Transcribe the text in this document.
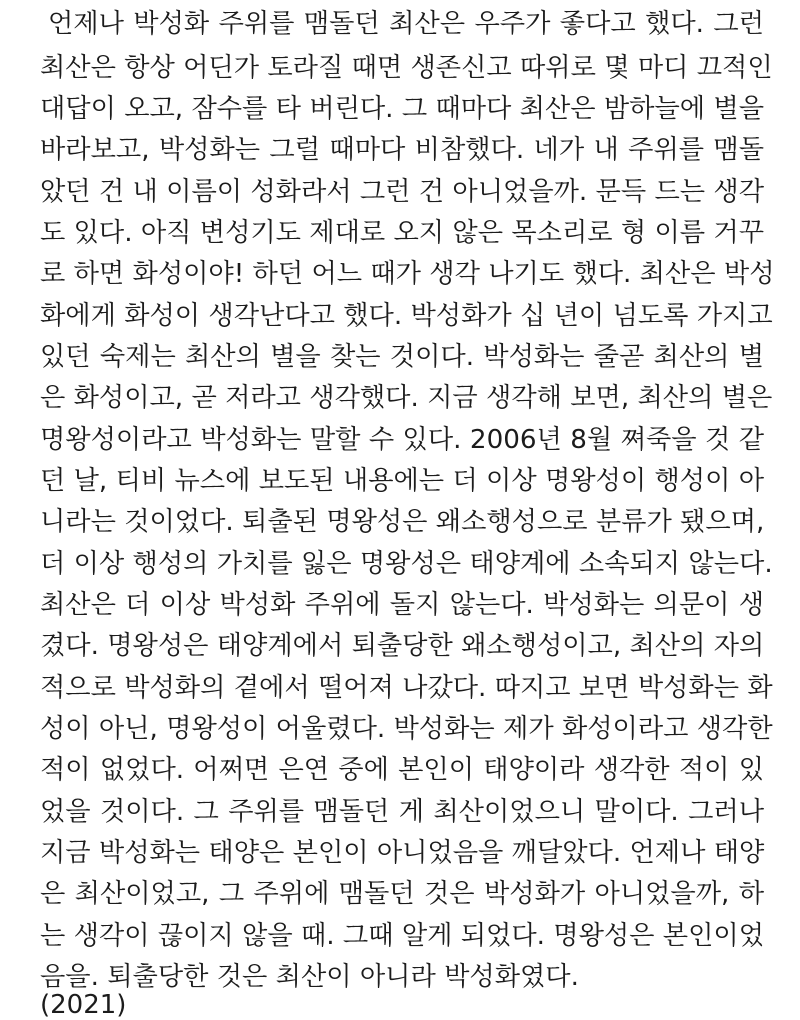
언제나 박성화 주위를 맴돌던 최산은 우주가 좋다고 했다. 그런
최산은 항상 어딘가 토라질 때면 생존신고 따위로 몇 마디 끄적인
대답이 오고, 잠수를 타 버린다. 그 때마다 최산은 밤하늘에 별을
바라보고, 박성화는 그럴 때마다 비참했다. 네가 내 주위를 맴돌
았던 건 내 이름이 성화라서 그런 건 아니었을까. 문득 드는 생각
도 있다. 아직 변성기도 제대로 오지 않은 목소리로 형 이름 거꾸
로 하면 화성이야! 하던 어느 때가 생각 나기도 했다. 최산은 박성
화에게 화성이 생각난다고 했다. 박성화가 십 년이 넘도록 가지고
있던 숙제는 최산의 별을 찾는 것이다. 박성화는 줄곧 최산의 별
은 화성이고, 곧 저라고 생각했다. 지금 생각해 보면, 최산의 별은
명왕성이라고 박성화는 말할 수 있다. 2006년 8월 쪄죽을 것 같
던 날, 티비 뉴스에 보도된 내용에는 더 이상 명왕성이 행성이 아
니라는 것이었다. 퇴출된 명왕성은 왜소행성으로 분류가 됐으며,
더 이상 행성의 가치를 잃은 명왕성은 태양계에 소속되지 않는다.
최산은 더 이상 박성화 주위에 돌지 않는다. 박성화는 의문이 생
겼다. 명왕성은 태양계에서 퇴출당한 왜소행성이고, 최산의 자의
적으로 박성화의 곁에서 떨어져 나갔다. 따지고 보면 박성화는 화
성이 아닌, 명왕성이 어울렸다. 박성화는 제가 화성이라고 생각한
적이 없었다. 어쩌면 은연 중에 본인이 태양이라 생각한 적이 있
었을 것이다. 그 주위를 맴돌던 게 최산이었으니 말이다. 그러나
지금 박성화는 태양은 본인이 아니었음을 깨달았다. 언제나 태양
은 최산이었고, 그 주위에 맴돌던 것은 박성화가 아니었을까, 하
는 생각이 끊이지 않을 때. 그때 알게 되었다. 명왕성은 본인이었
음을. 퇴출당한 것은 최산이 아니라 박성화였다.
(2021)
